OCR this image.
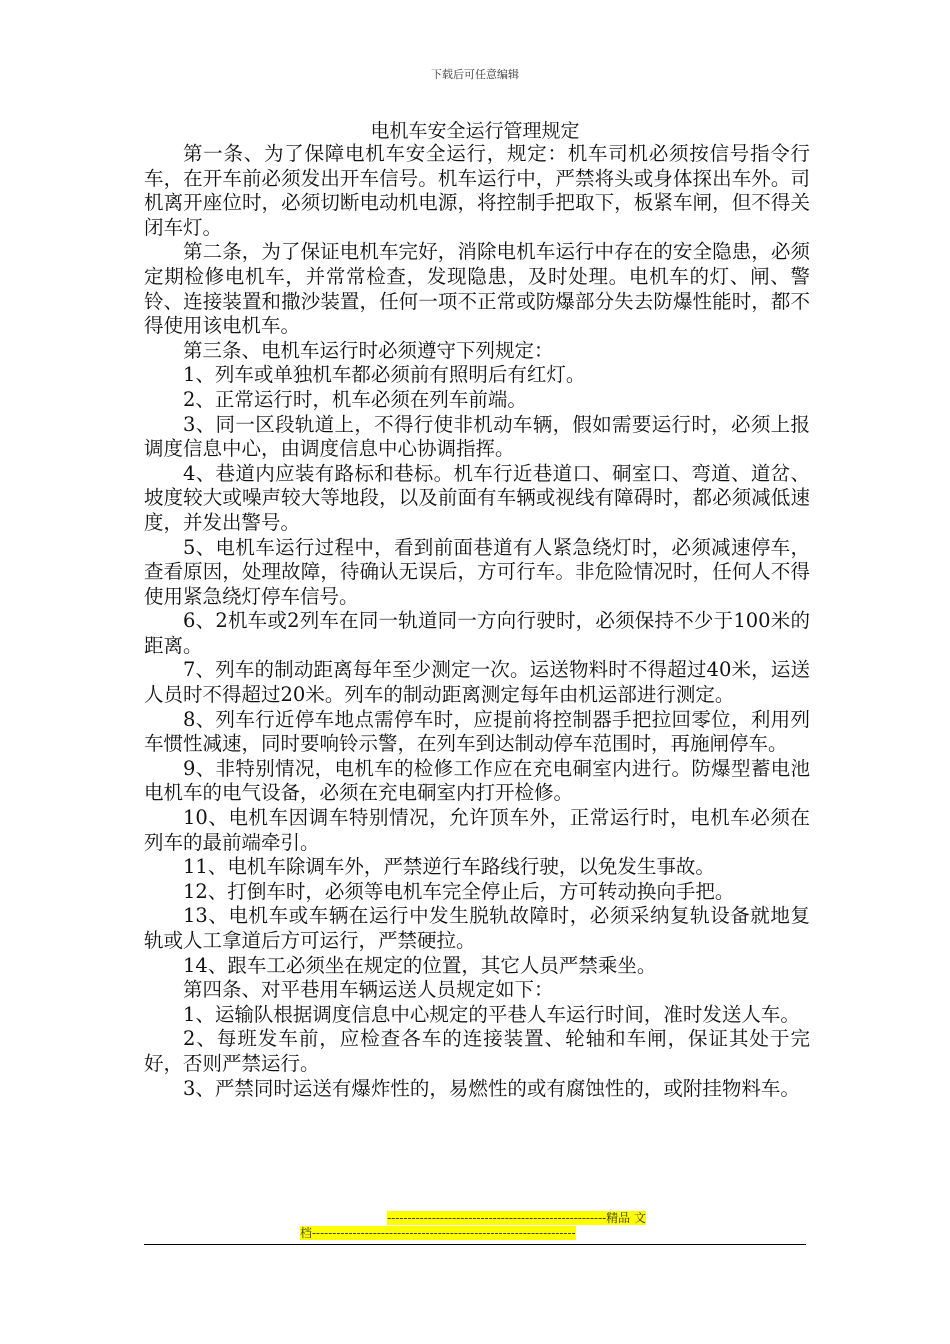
下载后可任意编辑
电机车安全运行管理规定

第一条、为了保障电机车安全运行，规定：机车司机必须按信号指令行车，在开车前必须发出开车信号。机车运行中，严禁将头或身体探出车外。司机离开座位时，必须切断电动机电源，将控制手把取下，板紧车闸，但不得关闭车灯。

第二条，为了保证电机车完好，消除电机车运行中存在的安全隐患，必须定期检修电机车，并常常检查，发现隐患，及时处理。电机车的灯、闸、警铃、连接装置和撒沙装置，任何一项不正常或防爆部分失去防爆性能时，都不得使用该电机车。

第三条、电机车运行时必须遵守下列规定：

1、列车或单独机车都必须前有照明后有红灯。

2、正常运行时，机车必须在列车前端。

3、同一区段轨道上，不得行使非机动车辆，假如需要运行时，必须上报调度信息中心，由调度信息中心协调指挥。

4、巷道内应装有路标和巷标。机车行近巷道口、硐室口、弯道、道岔、坡度较大或噪声较大等地段，以及前面有车辆或视线有障碍时，都必须减低速度，并发出警号。

5、电机车运行过程中，看到前面巷道有人紧急绕灯时，必须减速停车，查看原因，处理故障，待确认无误后，方可行车。非危险情况时，任何人不得使用紧急绕灯停车信号。

6、2机车或2列车在同一轨道同一方向行驶时，必须保持不少于100米的距离。

7、列车的制动距离每年至少测定一次。运送物料时不得超过40米，运送人员时不得超过20米。列车的制动距离测定每年由机运部进行测定。

8、列车行近停车地点需停车时，应提前将控制器手把拉回零位，利用列车惯性减速，同时要响铃示警，在列车到达制动停车范围时，再施闸停车。

9、非特别情况，电机车的检修工作应在充电硐室内进行。防爆型蓄电池电机车的电气设备，必须在充电硐室内打开检修。

10、电机车因调车特别情况，允许顶车外，正常运行时，电机车必须在列车的最前端牵引。

11、电机车除调车外，严禁逆行车路线行驶，以免发生事故。

12、打倒车时，必须等电机车完全停止后，方可转动换向手把。

13、电机车或车辆在运行中发生脱轨故障时，必须采纳复轨设备就地复轨或人工拿道后方可运行，严禁硬拉。

14、跟车工必须坐在规定的位置，其它人员严禁乘坐。

第四条、对平巷用车辆运送人员规定如下：

1、运输队根据调度信息中心规定的平巷人车运行时间，准时发送人车。

2、每班发车前，应检查各车的连接装置、轮轴和车闸，保证其处于完好，否则严禁运行。

3、严禁同时运送有爆炸性的，易燃性的或有腐蚀性的，或附挂物料车。

------------------------------------------------------精品 文
档-----------------------------------------------------------------
